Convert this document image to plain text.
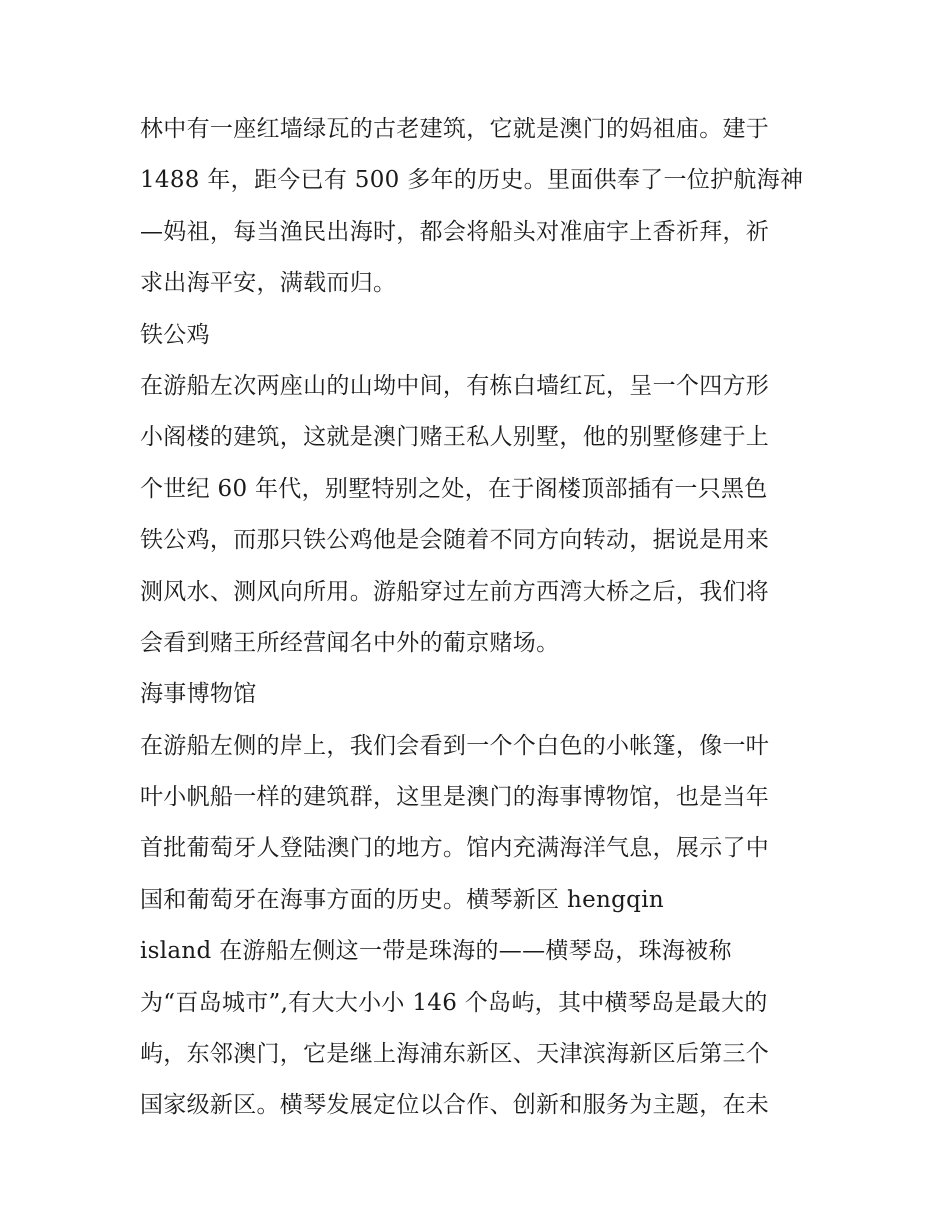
林中有一座红墙绿瓦的古老建筑，它就是澳门的妈祖庙。建于
1488 年，距今已有 500 多年的历史。里面供奉了一位护航海神
—妈祖，每当渔民出海时，都会将船头对准庙宇上香祈拜，祈
求出海平安，满载而归。
铁公鸡
在游船左次两座山的山坳中间，有栋白墙红瓦，呈一个四方形
小阁楼的建筑，这就是澳门赌王私人别墅，他的别墅修建于上
个世纪 60 年代，别墅特别之处，在于阁楼顶部插有一只黑色
铁公鸡，而那只铁公鸡他是会随着不同方向转动，据说是用来
测风水、测风向所用。游船穿过左前方西湾大桥之后，我们将
会看到赌王所经营闻名中外的葡京赌场。
海事博物馆
在游船左侧的岸上，我们会看到一个个白色的小帐篷，像一叶
叶小帆船一样的建筑群，这里是澳门的海事博物馆，也是当年
首批葡萄牙人登陆澳门的地方。馆内充满海洋气息，展示了中
国和葡萄牙在海事方面的历史。横琴新区 hengqin
island 在游船左侧这一带是珠海的——横琴岛，珠海被称
为“百岛城市”,有大大小小 146 个岛屿，其中横琴岛是最大的
屿，东邻澳门，它是继上海浦东新区、天津滨海新区后第三个
国家级新区。横琴发展定位以合作、创新和服务为主题，在未
